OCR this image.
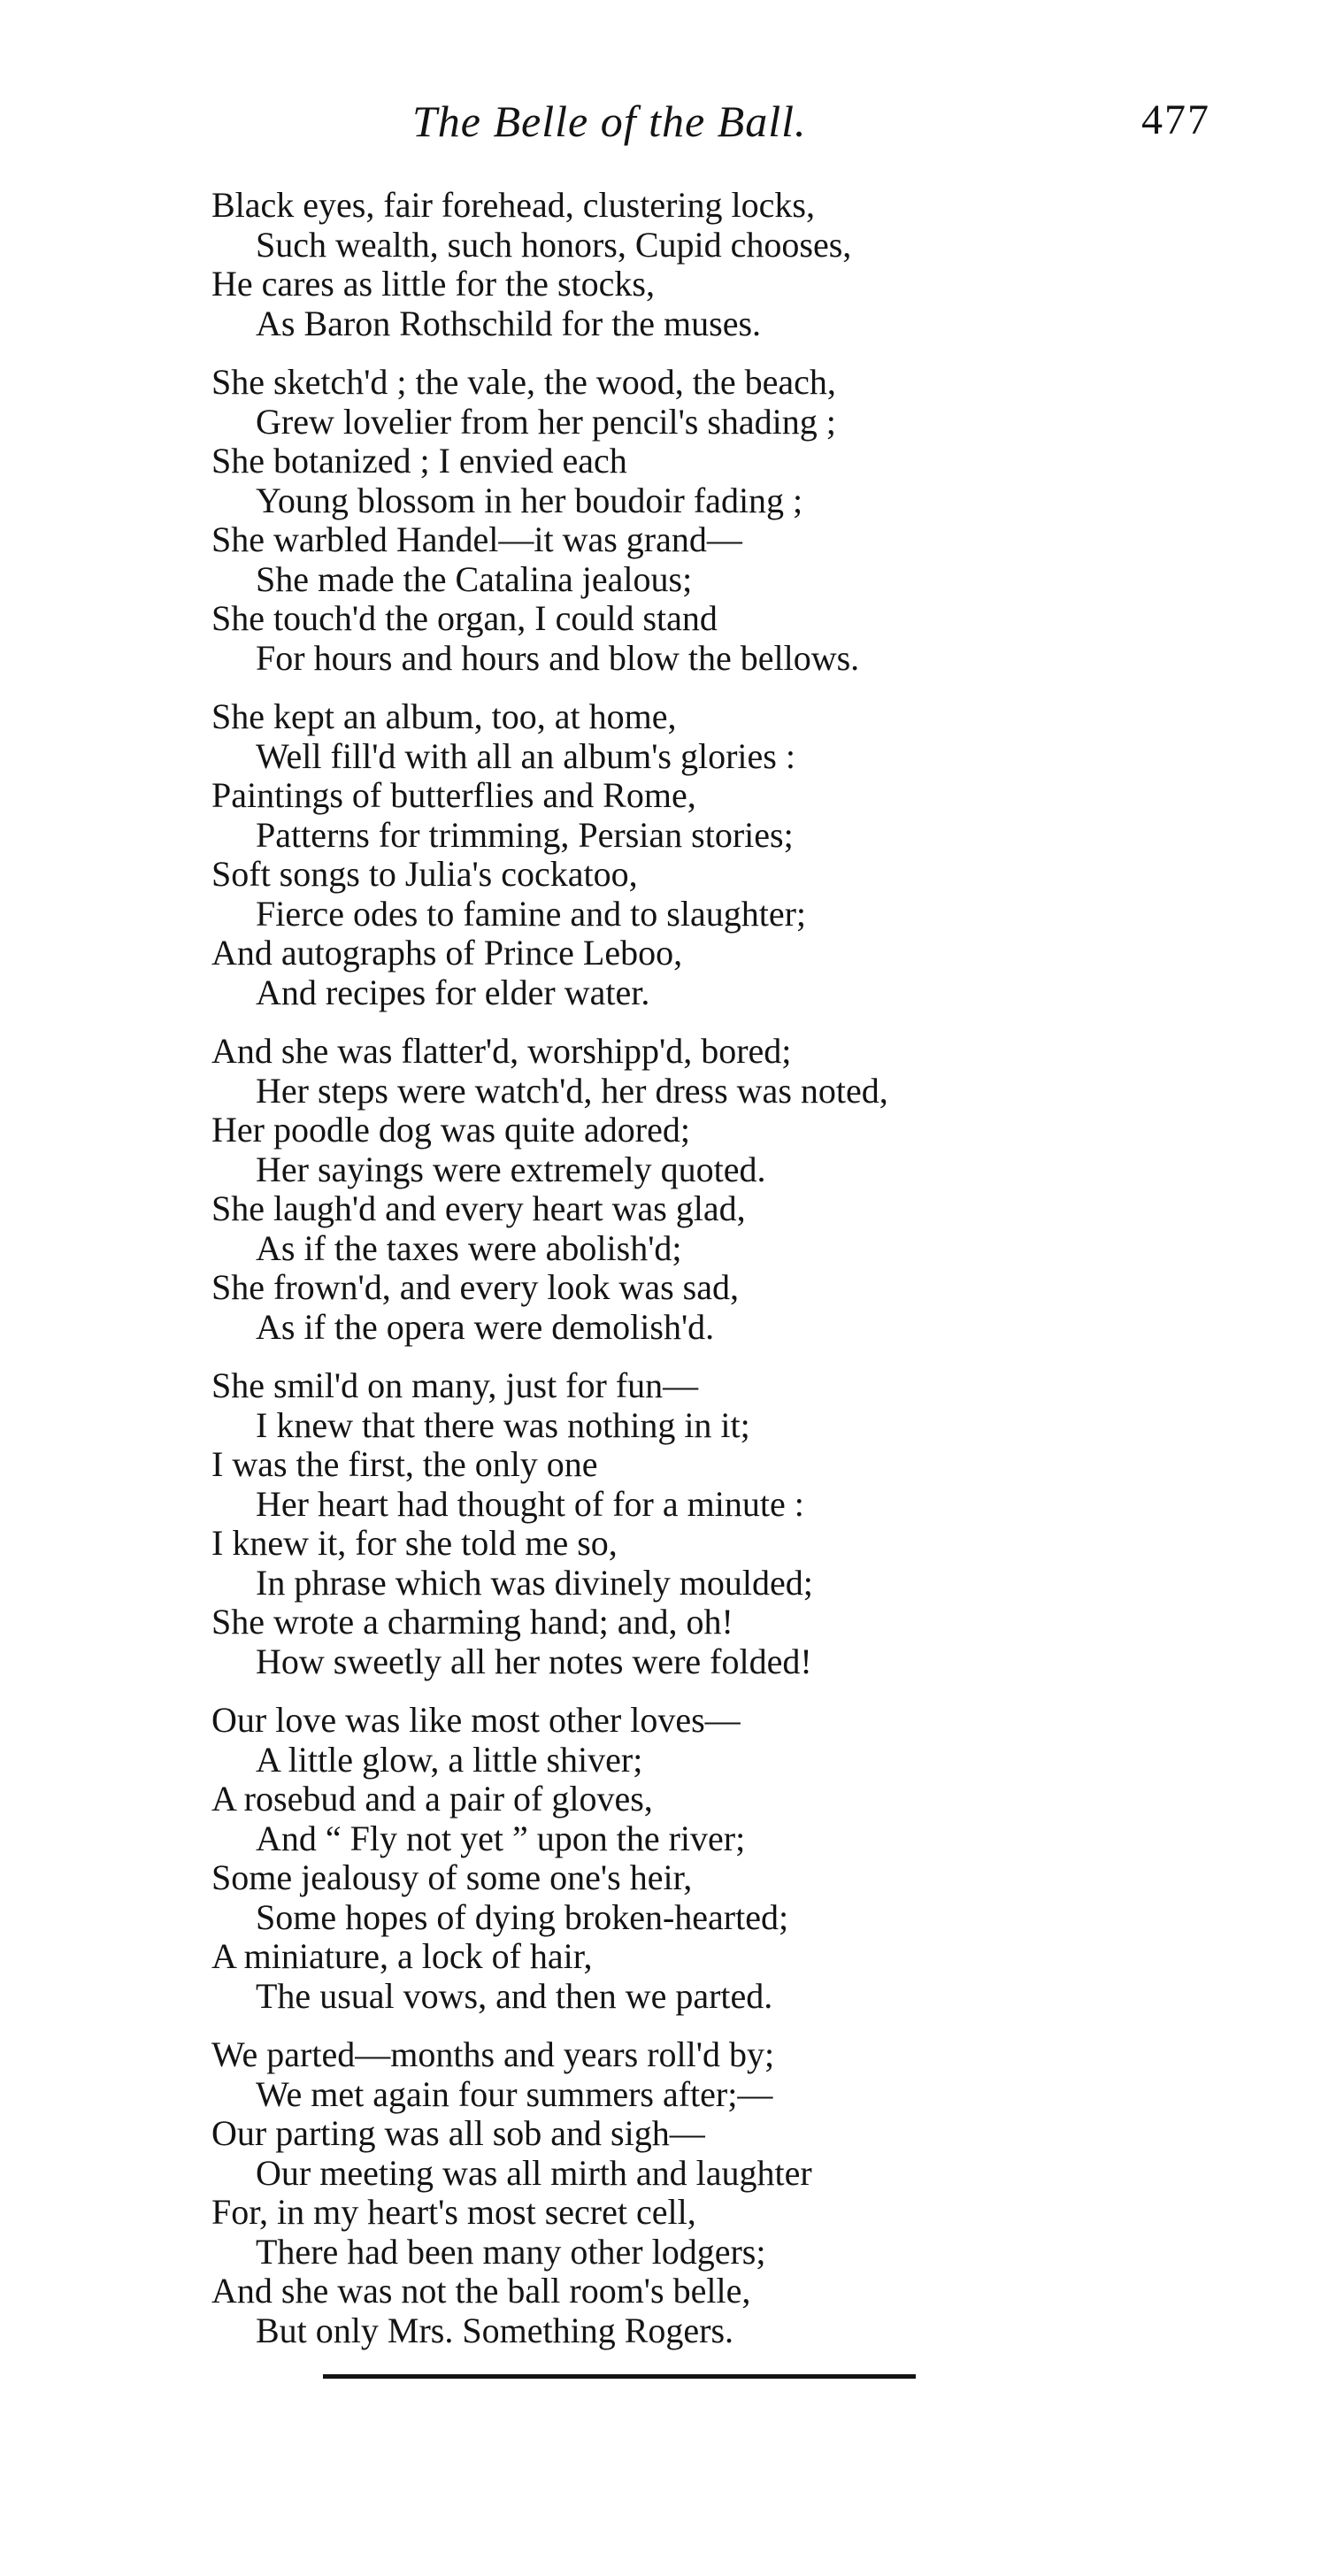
The Belle of the Ball.	477
Black eyes, fair forehead, clustering locks,
Such wealth, such honors, Cupid chooses,
He cares as little for the stocks,
As Baron Rothschild for the muses.
She sketch'd ; the vale, the wood, the beach,
Grew lovelier from her pencil's shading ;
She botanized ; I envied each
Young blossom in her boudoir fading ;
She warbled Handel—it was grand—
She made the Catalina jealous;
She touch'd the organ, I could stand
For hours and hours and blow the bellows.
She kept an album, too, at home,
Well fill'd with all an album's glories :
Paintings of butterflies and Rome,
Patterns for trimming, Persian stories;
Soft songs to Julia's cockatoo,
Fierce odes to famine and to slaughter;
And autographs of Prince Leboo,
And recipes for elder water.
And she was flatter'd, worshipp'd, bored;
Her steps were watch'd, her dress was noted,
Her poodle dog was quite adored;
Her sayings were extremely quoted.
She laugh'd and every heart was glad,
As if the taxes were abolish'd;
She frown'd, and every look was sad,
As if the opera were demolish'd.
She smil'd on many, just for fun—
I knew that there was nothing in it;
I was the first, the only one
Her heart had thought of for a minute :
I knew it, for she told me so,
In phrase which was divinely moulded;
She wrote a charming hand; and, oh!
How sweetly all her notes were folded!
Our love was like most other loves—
A little glow, a little shiver;
A rosebud and a pair of gloves,
And “ Fly not yet ” upon the river;
Some jealousy of some one's heir,
Some hopes of dying broken-hearted;
A miniature, a lock of hair,
The usual vows, and then we parted.
We parted—months and years roll'd by;
We met again four summers after;—
Our parting was all sob and sigh—
Our meeting was all mirth and laughter
For, in my heart's most secret cell,
There had been many other lodgers;
And she was not the ball room's belle,
But only Mrs. Something Rogers.
